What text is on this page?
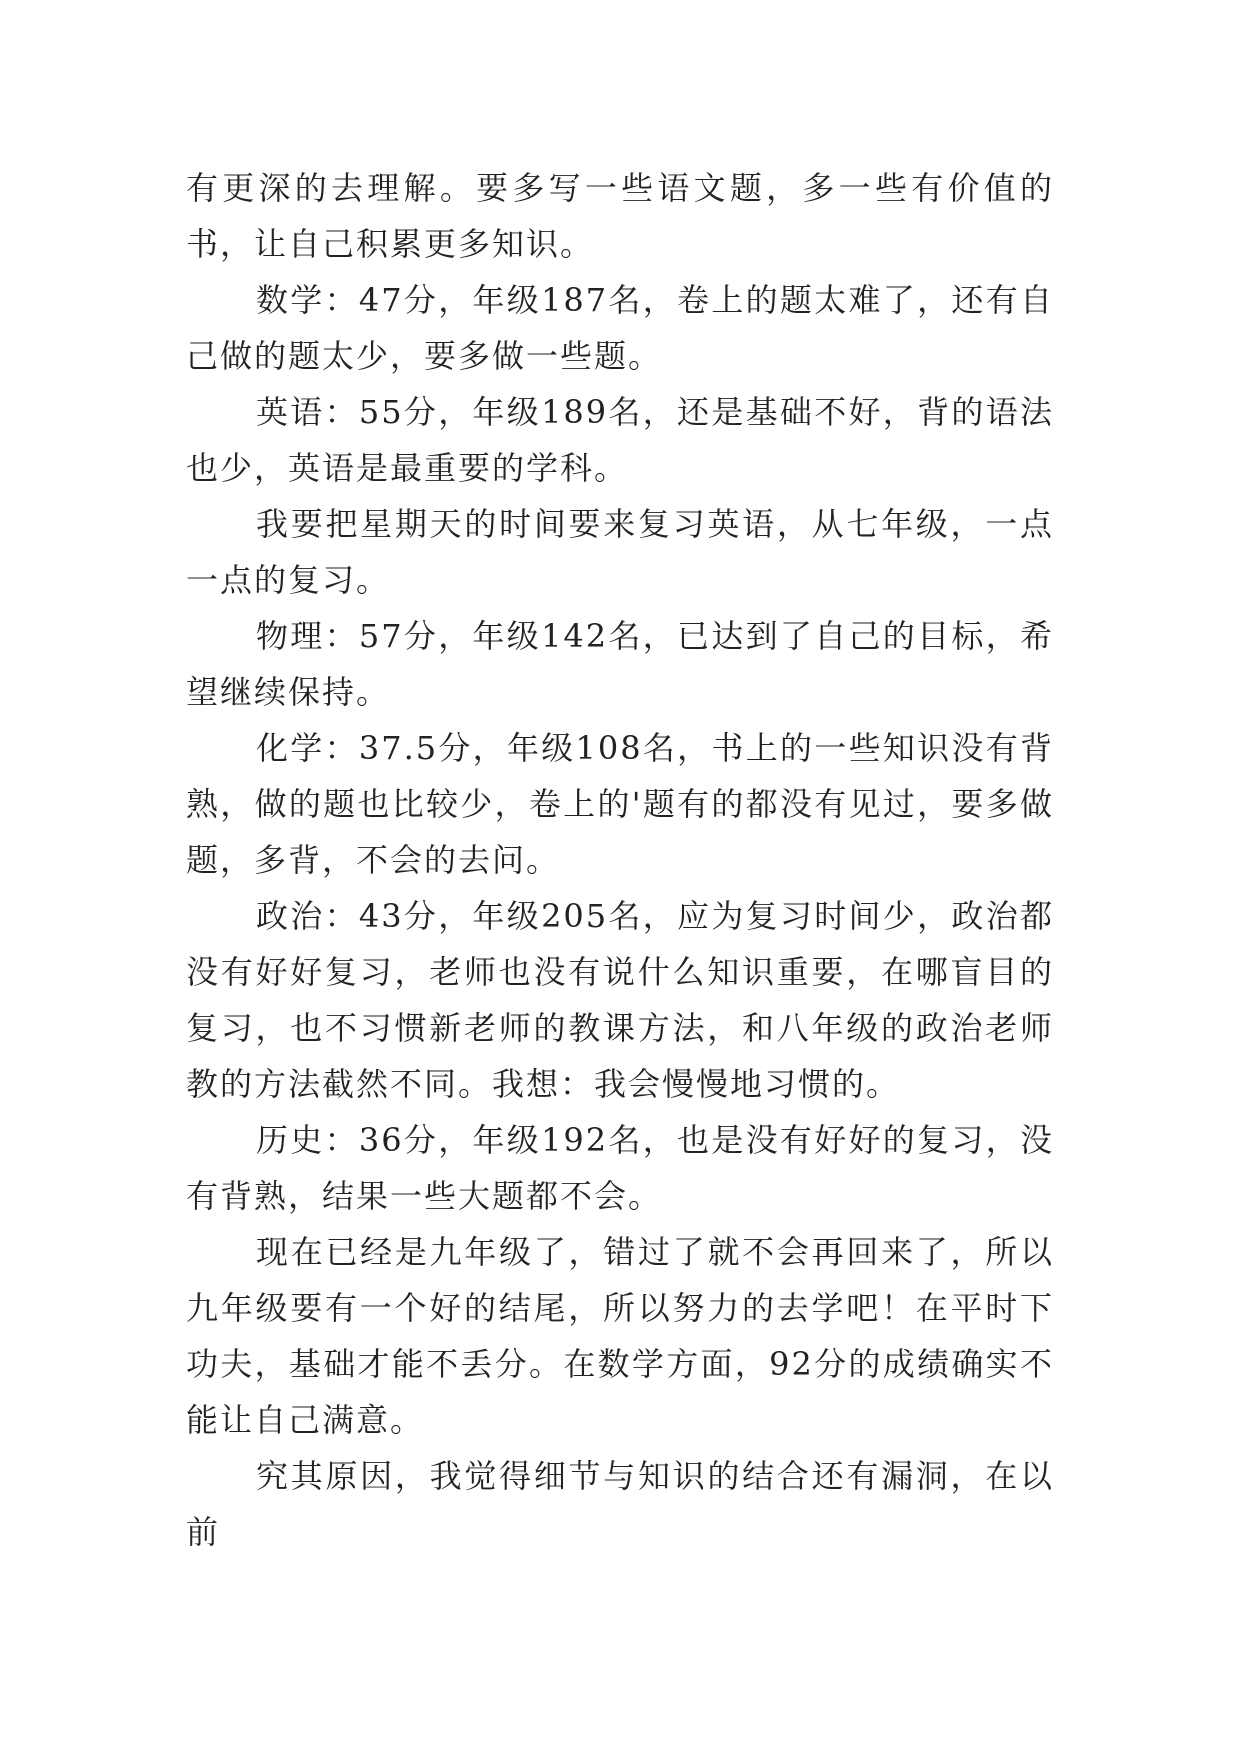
有更深的去理解。要多写一些语文题，多一些有价值的书，让自己积累更多知识。

数学：47分，年级187名，卷上的题太难了，还有自己做的题太少，要多做一些题。

英语：55分，年级189名，还是基础不好，背的语法也少，英语是最重要的学科。

我要把星期天的时间要来复习英语，从七年级，一点一点的复习。

物理：57分，年级142名，已达到了自己的目标，希望继续保持。

化学：37.5分，年级108名，书上的一些知识没有背熟，做的题也比较少，卷上的'题有的都没有见过，要多做题，多背，不会的去问。

政治：43分，年级205名，应为复习时间少，政治都没有好好复习，老师也没有说什么知识重要，在哪盲目的复习，也不习惯新老师的教课方法，和八年级的政治老师教的方法截然不同。我想：我会慢慢地习惯的。

历史：36分，年级192名，也是没有好好的复习，没有背熟，结果一些大题都不会。

现在已经是九年级了，错过了就不会再回来了，所以九年级要有一个好的结尾，所以努力的去学吧！在平时下功夫，基础才能不丢分。在数学方面，92分的成绩确实不能让自己满意。

究其原因，我觉得细节与知识的结合还有漏洞，在以前
